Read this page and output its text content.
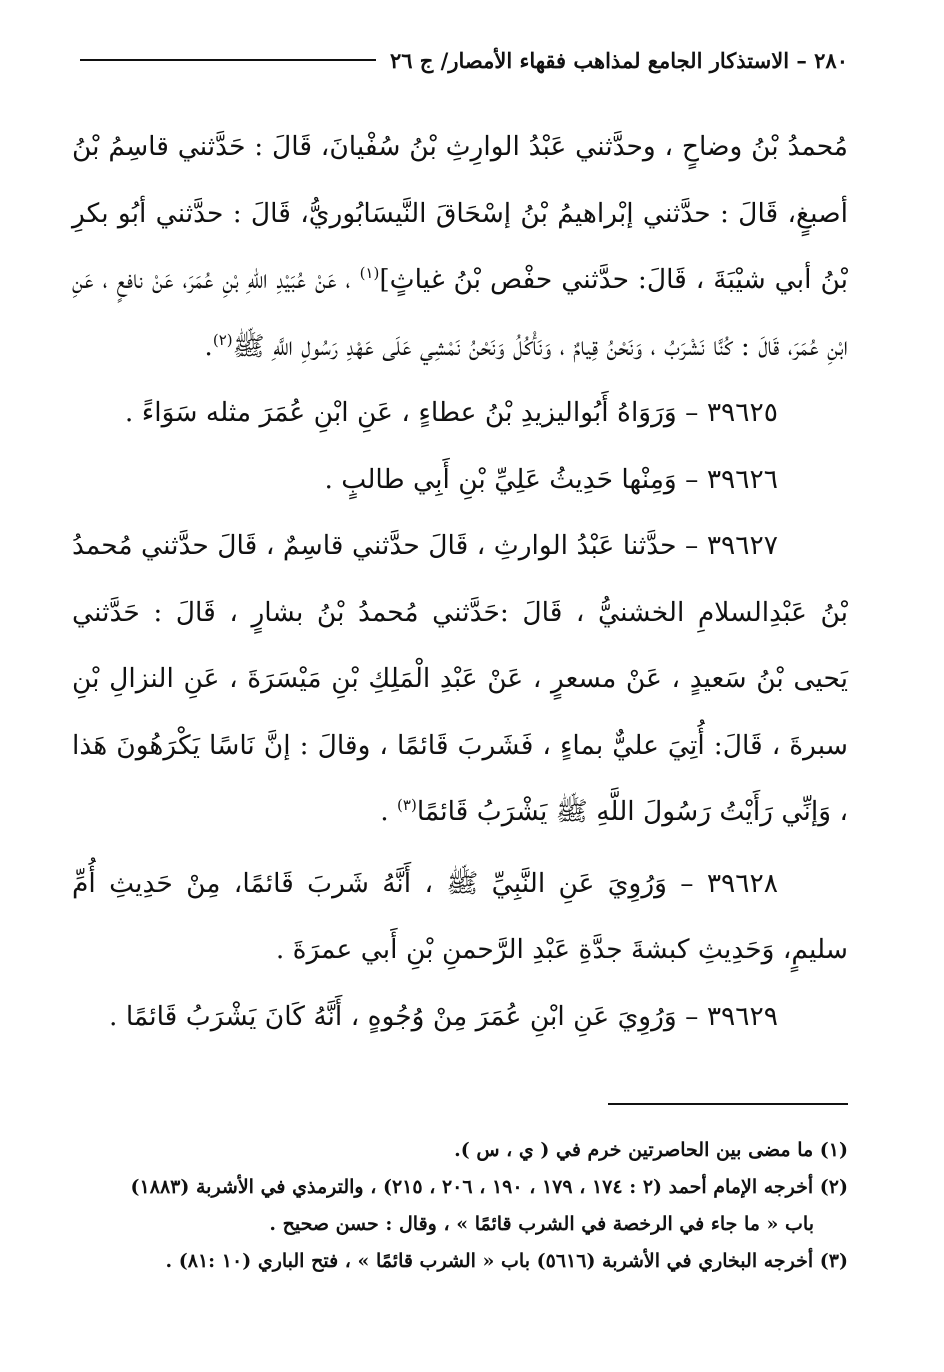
٢٨٠ – الاستذكار الجامع لمذاهب فقهاء الأمصار/ ج ٢٦

مُحمدُ بْنُ وضاحٍ ، وحدَّثني عَبْدُ الوارِثِ بْنُ سُفْيانَ، قَالَ : حَدَّثني قاسِمُ بْنُ أصبغٍ، قَالَ : حدَّثني إبْراهيمُ بْنُ إسْحَاقَ النَّيسَابُوريُّ، قَالَ : حدَّثني أبُو بكرِ بْنُ أبي شيْبَةَ ، قَالَ: حدَّثني حفْص بْنُ غياثٍ]$^{(١)}$ ، عَنْ عُبَيْدِ اللهِ بْنِ عُمَرَ، عَنْ نافعٍ ، عَنِ ابْنِ عُمَرَ، قَالَ : كُنَّا نَشْرَبُ ، وَنَحْنُ قِيامٌ ، وَنَأْكُلُ وَنَحْنُ نَمْشِي عَلَى عَهْدِ رَسُولِ اللَّهِ ﷺ$^{(٢)}$.

٣٩٦٢٥ – وَرَوَاهُ أَبُواليزيدِ بْنُ عطاءٍ ، عَنِ ابْنِ عُمَرَ مثله سَوَاءً .

٣٩٦٢٦ – وَمِنْها حَدِيثُ عَلِيِّ بْنِ أَبِي طالبٍ .

٣٩٦٢٧ – حدَّثنا عَبْدُ الوارثِ ، قَالَ حدَّثني قاسِمٌ ، قَالَ حدَّثني مُحمدُ بْنُ عَبْدِالسلامِ الخشنيُّ ، قَالَ :حَدَّثني مُحمدُ بْنُ بشارٍ ، قَالَ : حَدَّثني يَحيى بْنُ سَعيدٍ ، عَنْ مسعرٍ ، عَنْ عَبْدِ الْمَلِكِ بْنِ مَيْسَرَةَ ، عَنِ النزالِ بْنِ سبرةَ ، قَالَ: أُتِيَ عليٌّ بماءٍ ، فَشَربَ قَائمًا ، وقالَ : إنَّ نَاسًا يَكْرَهُونَ هَذا ، وَإنِّي رَأَيْتُ رَسُولَ اللَّهِ ﷺ يَشْرَبُ قَائمًا$^{(٣)}$ .

٣٩٦٢٨ – وَرُوِيَ عَنِ النَّبِيِّ ﷺ ، أَنَّهُ شَربَ قَائمًا، مِنْ حَدِيثِ أُمِّ سليمٍ، وَحَدِيثِ كبشةَ جدَّةِ عَبْدِ الرَّحمنِ بْنِ أَبي عمرَةَ .

٣٩٦٢٩ – وَرُوِيَ عَنِ ابْنِ عُمَرَ مِنْ وُجُوهٍ ، أَنَّهُ كَانَ يَشْرَبُ قَائمًا .

(١) ما مضى بين الحاصرتين خرم في ( ي ، س ).

(٢) أخرجه الإمام أحمد (٢ : ١٧٤ ، ١٧٩ ، ١٩٠ ، ٢٠٦ ، ٢١٥) ، والترمذي في الأشربة (١٨٨٣)
باب « ما جاء في الرخصة في الشرب قائمًا » ، وقال : حسن صحيح .

(٣) أخرجه البخاري في الأشربة (٥٦١٦) باب « الشرب قائمًا » ، فتح الباري (١٠ :٨١) .
